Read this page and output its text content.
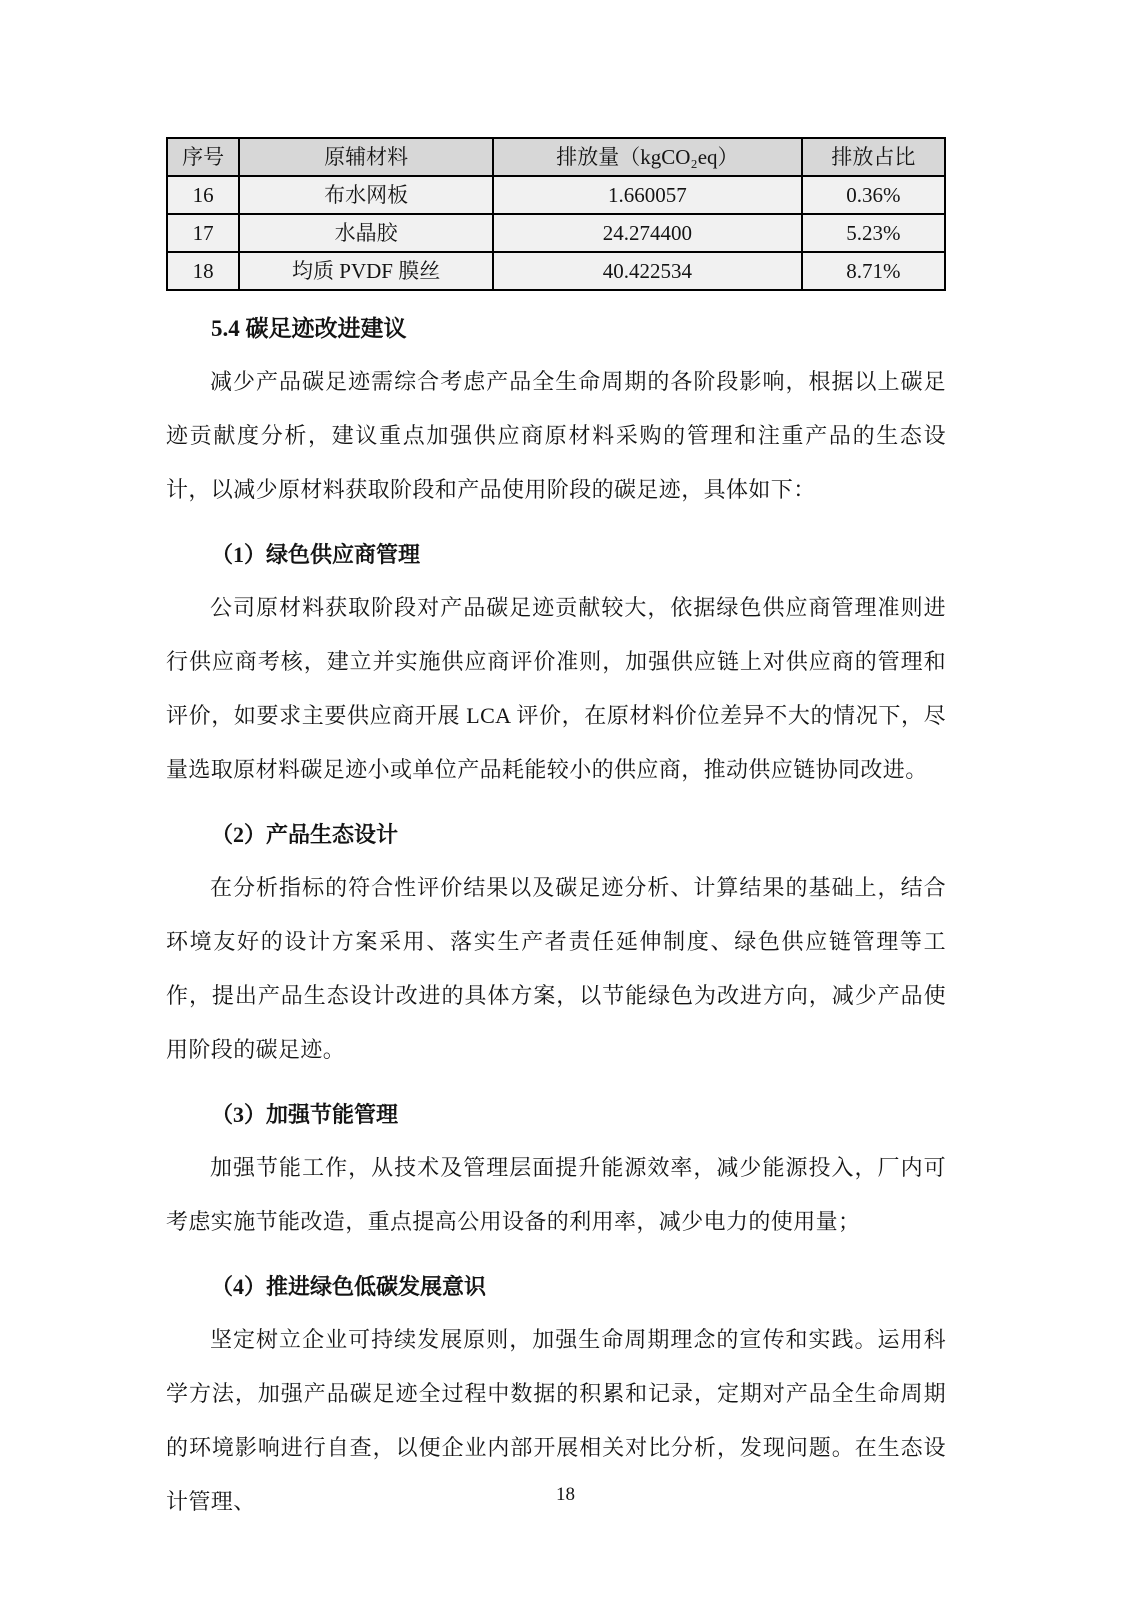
序号	原辅材料	排放量（kgCO₂eq）	排放占比
16	布水网板	1.660057	0.36%
17	水晶胶	24.274400	5.23%
18	均质 PVDF 膜丝	40.422534	8.71%
5.4 碳足迹改进建议

减少产品碳足迹需综合考虑产品全生命周期的各阶段影响，根据以上碳足迹贡献度分析，建议重点加强供应商原材料采购的管理和注重产品的生态设计，以减少原材料获取阶段和产品使用阶段的碳足迹，具体如下：

（1）绿色供应商管理

公司原材料获取阶段对产品碳足迹贡献较大，依据绿色供应商管理准则进行供应商考核，建立并实施供应商评价准则，加强供应链上对供应商的管理和评价，如要求主要供应商开展 LCA 评价，在原材料价位差异不大的情况下，尽量选取原材料碳足迹小或单位产品耗能较小的供应商，推动供应链协同改进。

（2）产品生态设计

在分析指标的符合性评价结果以及碳足迹分析、计算结果的基础上，结合环境友好的设计方案采用、落实生产者责任延伸制度、绿色供应链管理等工作，提出产品生态设计改进的具体方案，以节能绿色为改进方向，减少产品使用阶段的碳足迹。

（3）加强节能管理

加强节能工作，从技术及管理层面提升能源效率，减少能源投入，厂内可考虑实施节能改造，重点提高公用设备的利用率，减少电力的使用量；

（4）推进绿色低碳发展意识

坚定树立企业可持续发展原则，加强生命周期理念的宣传和实践。运用科学方法，加强产品碳足迹全过程中数据的积累和记录，定期对产品全生命周期的环境影响进行自查，以便企业内部开展相关对比分析，发现问题。在生态设计管理、	18
